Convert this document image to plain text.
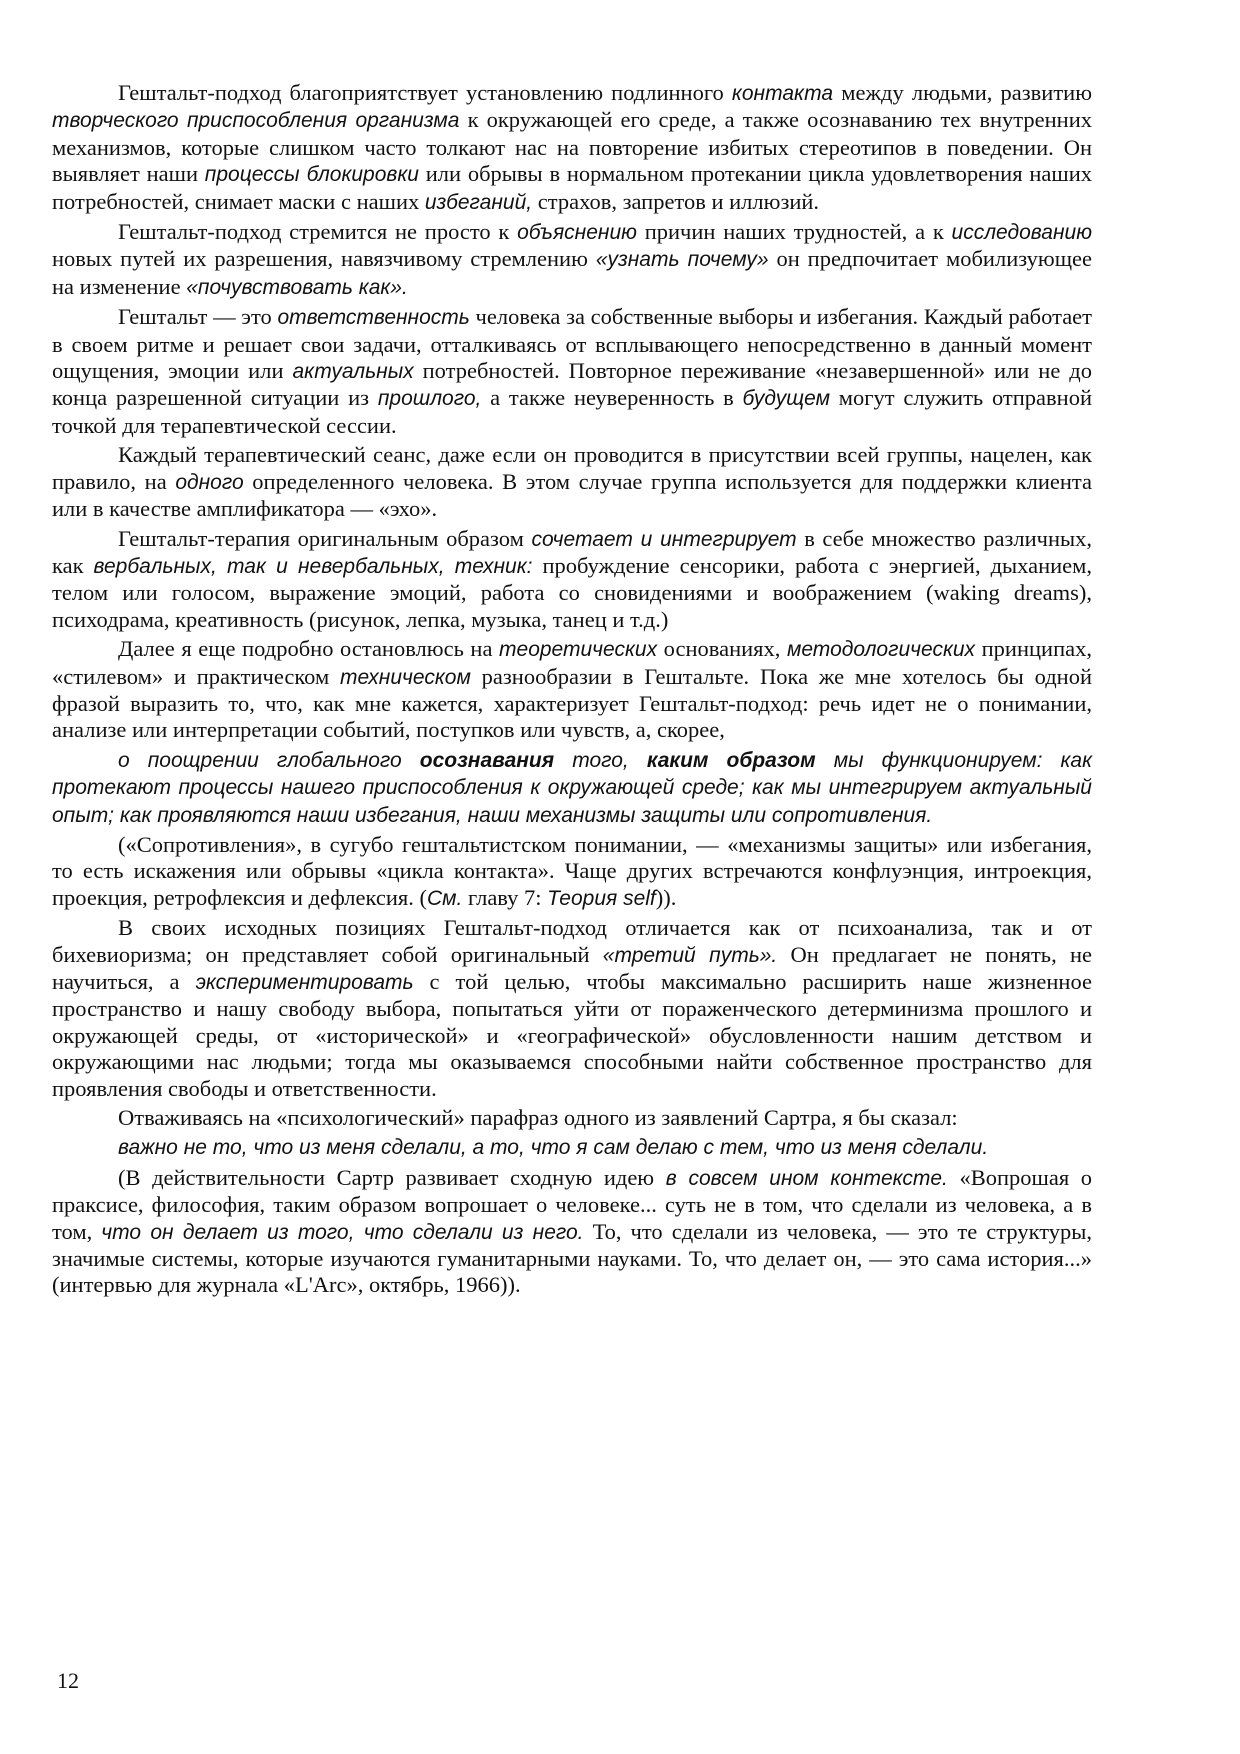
Гештальт-подход благоприятствует установлению подлинного контакта между людьми, развитию творческого приспособления организма к окружающей его среде, а также осознаванию тех внутренних механизмов, которые слишком часто толкают нас на повторение избитых стереотипов в поведении. Он выявляет наши процессы блокировки или обрывы в нормальном протекании цикла удовлетворения наших потребностей, снимает маски с наших избеганий, страхов, запретов и иллюзий.

Гештальт-подход стремится не просто к объяснению причин наших трудностей, а к исследованию новых путей их разрешения, навязчивому стремлению «узнать почему» он предпочитает мобилизующее на изменение «почувствовать как».

Гештальт — это ответственность человека за собственные выборы и избегания. Каждый работает в своем ритме и решает свои задачи, отталкиваясь от всплывающего непосредственно в данный момент ощущения, эмоции или актуальных потребностей. Повторное переживание «незавершенной» или не до конца разрешенной ситуации из прошлого, а также неуверенность в будущем могут служить отправной точкой для терапевтической сессии.

Каждый терапевтический сеанс, даже если он проводится в присутствии всей группы, нацелен, как правило, на одного определенного человека. В этом случае группа используется для поддержки клиента или в качестве амплификатора — «эхо».

Гештальт-терапия оригинальным образом сочетает и интегрирует в себе множество различных, как вербальных, так и невербальных, техник: пробуждение сенсорики, работа с энергией, дыханием, телом или голосом, выражение эмоций, работа со сновидениями и воображением (waking dreams), психодрама, креативность (рисунок, лепка, музыка, танец и т.д.)

Далее я еще подробно остановлюсь на теоретических основаниях, методологических принципах, «стилевом» и практическом техническом разнообразии в Гештальте. Пока же мне хотелось бы одной фразой выразить то, что, как мне кажется, характеризует Гештальт-подход: речь идет не о понимании, анализе или интерпретации событий, поступков или чувств, а, скорее,

о поощрении глобального осознавания того, каким образом мы функционируем: как протекают процессы нашего приспособления к окружающей среде; как мы интегрируем актуальный опыт; как проявляются наши избегания, наши механизмы защиты или сопротивления.

(«Сопротивления», в сугубо гештальтистском понимании, — «механизмы защиты» или избегания, то есть искажения или обрывы «цикла контакта». Чаще других встречаются конфлуэнция, интроекция, проекция, ретрофлексия и дефлексия. (См. главу 7: Теория self)).

В своих исходных позициях Гештальт-подход отличается как от психоанализа, так и от бихевиоризма; он представляет собой оригинальный «третий путь». Он предлагает не понять, не научиться, а экспериментировать с той целью, чтобы максимально расширить наше жизненное пространство и нашу свободу выбора, попытаться уйти от пораженческого детерминизма прошлого и окружающей среды, от «исторической» и «географической» обусловленности нашим детством и окружающими нас людьми; тогда мы оказываемся способными найти собственное пространство для проявления свободы и ответственности.

Отваживаясь на «психологический» парафраз одного из заявлений Сартра, я бы сказал:

важно не то, что из меня сделали, а то, что я сам делаю с тем, что из меня сделали.

(В действительности Сартр развивает сходную идею в совсем ином контексте. «Вопрошая о праксисе, философия, таким образом вопрошает о человеке... суть не в том, что сделали из человека, а в том, что он делает из того, что сделали из него. То, что сделали из человека, — это те структуры, значимые системы, которые изучаются гуманитарными науками. То, что делает он, — это сама история...» (интервью для журнала «L'Arc», октябрь, 1966)).

12
